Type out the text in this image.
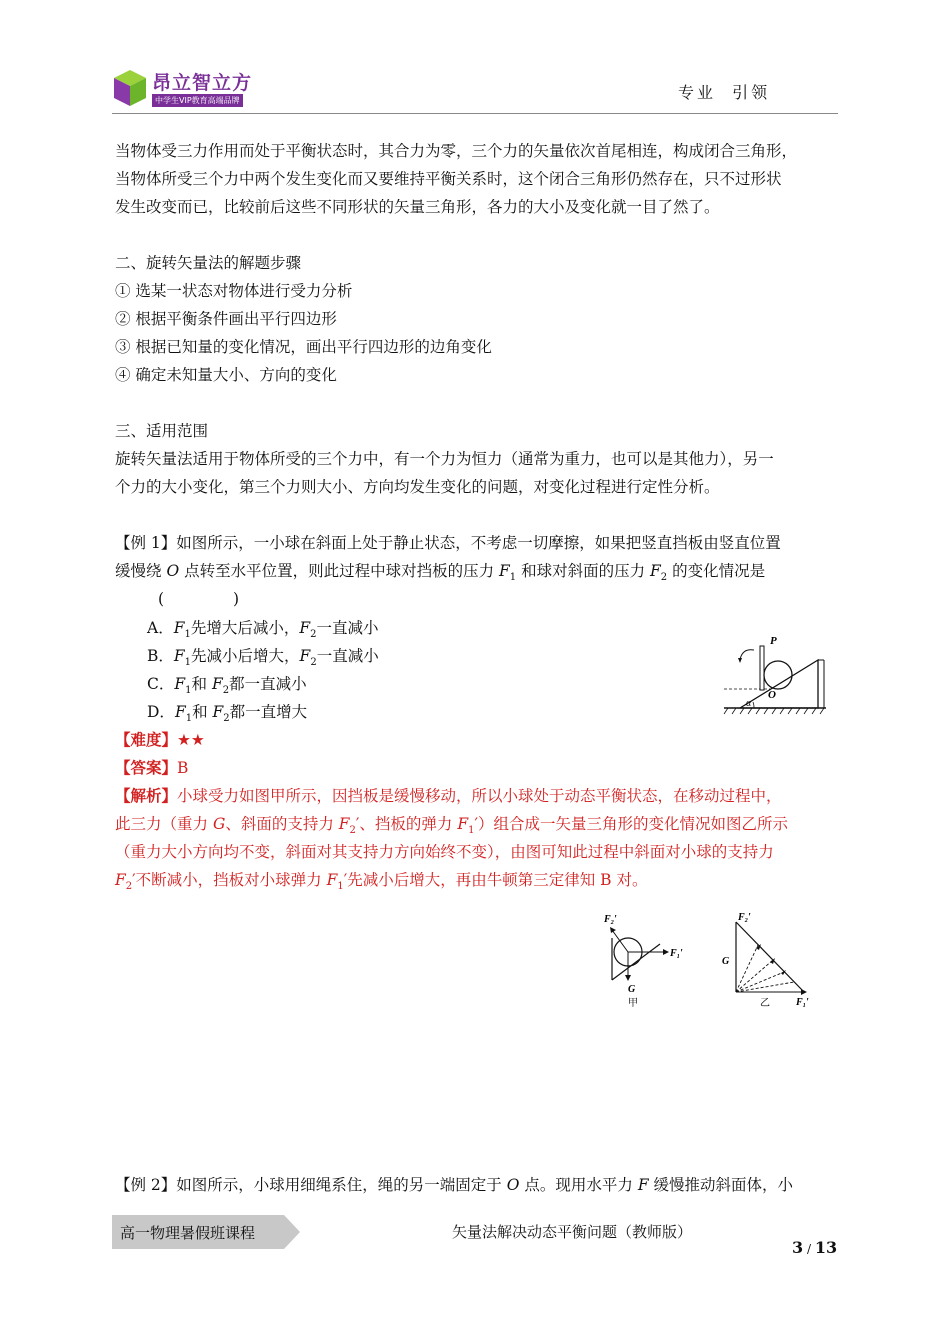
昂立智立方
中学生VIP教育高端品牌	专业  引领
当物体受三力作用而处于平衡状态时，其合力为零，三个力的矢量依次首尾相连，构成闭合三角形，
当物体所受三个力中两个发生变化而又要维持平衡关系时，这个闭合三角形仍然存在，只不过形状
发生改变而已，比较前后这些不同形状的矢量三角形，各力的大小及变化就一目了然了。
二、旋转矢量法的解题步骤
① 选某一状态对物体进行受力分析
② 根据平衡条件画出平行四边形
③ 根据已知量的变化情况，画出平行四边形的边角变化
④ 确定未知量大小、方向的变化
三、适用范围
旋转矢量法适用于物体所受的三个力中，有一个力为恒力（通常为重力，也可以是其他力），另一
个力的大小变化，第三个力则大小、方向均发生变化的问题，对变化过程进行定性分析。
【例 1】如图所示，一小球在斜面上处于静止状态，不考虑一切摩擦，如果把竖直挡板由竖直位置
缓慢绕 O 点转至水平位置，则此过程中球对挡板的压力 $F_1$ 和球对斜面的压力 $F_2$ 的变化情况是
(              )
A．$F_1$先增大后减小，$F_2$一直减小
B．$F_1$先减小后增大，$F_2$一直减小
C．$F_1$和 $F_2$都一直减小
D．$F_1$和 $F_2$都一直增大
P
O
α
【难度】★★
【答案】B
【解析】小球受力如图甲所示，因挡板是缓慢移动，所以小球处于动态平衡状态，在移动过程中，
此三力（重力 G、斜面的支持力 $F_2'$、挡板的弹力 $F_1'$）组合成一矢量三角形的变化情况如图乙所示
（重力大小方向均不变，斜面对其支持力方向始终不变），由图可知此过程中斜面对小球的支持力
$F_2'$不断减小，挡板对小球弹力 $F_1'$先减小后增大，再由牛顿第三定律知 B 对。
F₂′
F₁′
G
甲
F₂′
G
F₁′
乙
【例 2】如图所示，小球用细绳系住，绳的另一端固定于 O 点。现用水平力 F 缓慢推动斜面体，小
高一物理暑假班课程	矢量法解决动态平衡问题（教师版）
3 / 13
